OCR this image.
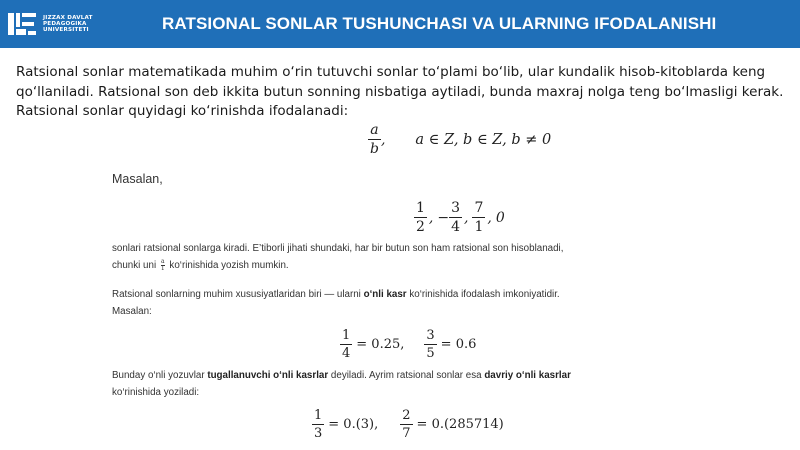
JIZZAX DAVLAT
PEDAGOGIKA
UNIVERSITETI	RATSIONAL SONLAR TUSHUNCHASI VA ULARNING IFODALANISHI

Ratsional sonlar matematikada muhim o‘rin tutuvchi sonlar to‘plami bo‘lib, ular kundalik hisob-kitoblarda keng qo‘llaniladi. Ratsional son deb ikkita butun sonning nisbatiga aytiladi, bunda maxraj nolga teng bo‘lmasligi kerak. Ratsional sonlar quyidagi ko‘rinishda ifodalanadi:

$\frac{a}{b}$ , a ∈ Z, b ∈ Z, b ≠ 0
Masalan,
$\frac{1}{2}$ , − $\frac{3}{4}$ , $\frac{7}{1}$ , 0
sonlari ratsional sonlarga kiradi. E’tiborli jihati shundaki, har bir butun son ham ratsional son hisoblanadi,
chunki uni $\frac{a}{1}$ ko‘rinishida yozish mumkin.
Ratsional sonlarning muhim xususiyatlaridan biri — ularni o‘nli kasr ko‘rinishida ifodalash imkoniyatidir.
Masalan:
$\frac{1}{4} = 0.25$, $\frac{3}{5} = 0.6$
Bunday o‘nli yozuvlar tugallanuvchi o‘nli kasrlar deyiladi. Ayrim ratsional sonlar esa davriy o‘nli kasrlar
ko‘rinishida yoziladi:
$\frac{1}{3} = 0.(3)$, $\frac{2}{7} = 0.(285714)$
